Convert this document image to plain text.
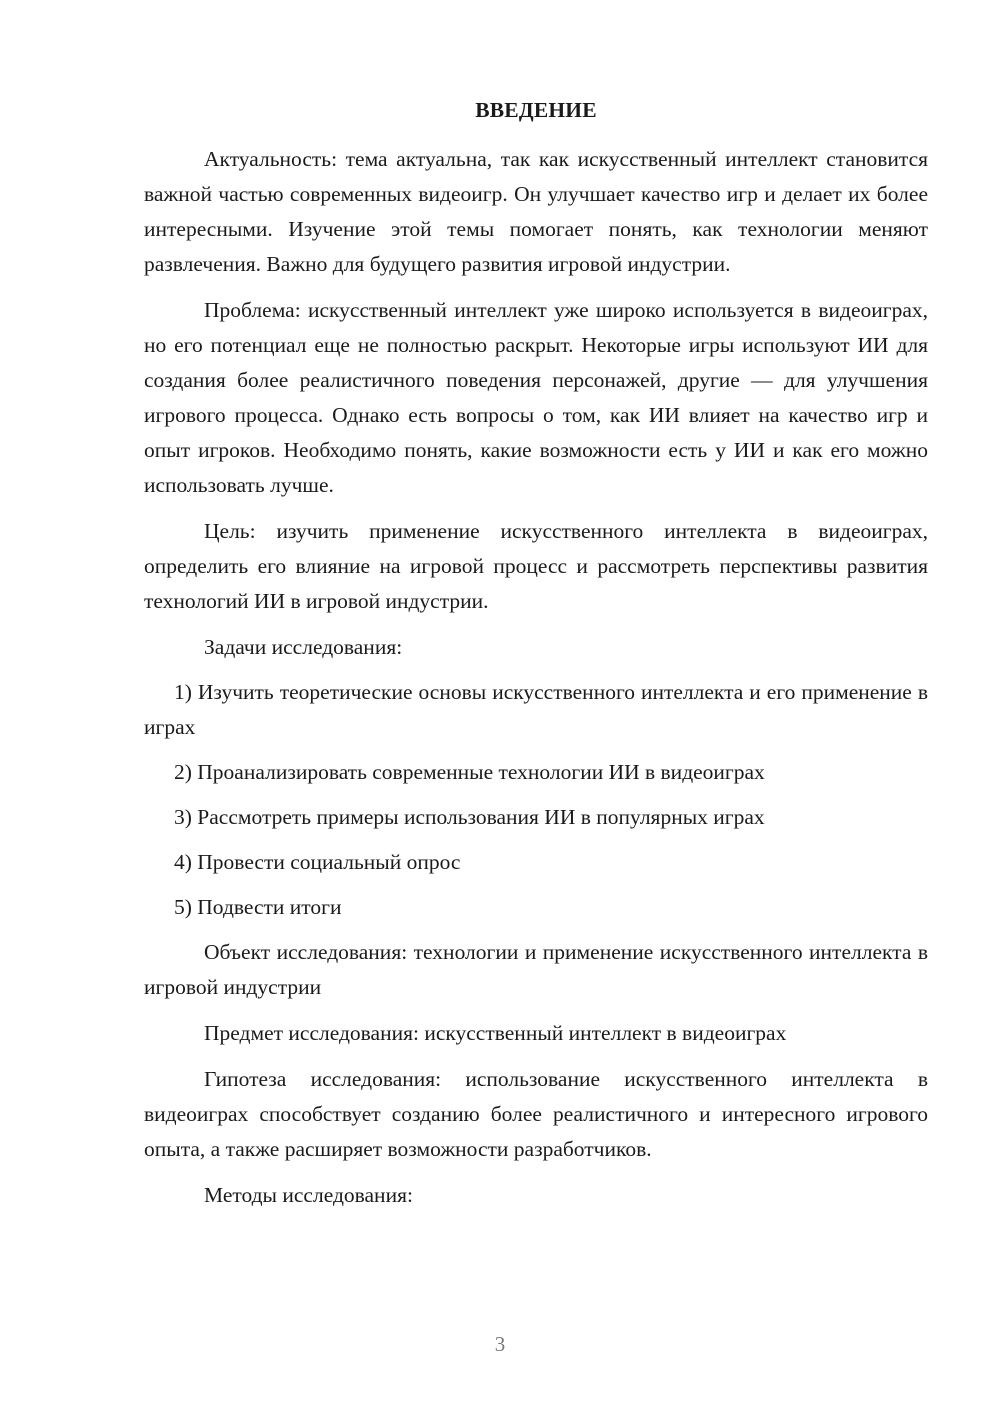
ВВЕДЕНИЕ

Актуальность: тема актуальна, так как искусственный интеллект становится важной частью современных видеоигр. Он улучшает качество игр и делает их более интересными. Изучение этой темы помогает понять, как технологии меняют развлечения. Важно для будущего развития игровой индустрии.

Проблема: искусственный интеллект уже широко используется в видеоиграх, но его потенциал еще не полностью раскрыт. Некоторые игры используют ИИ для создания более реалистичного поведения персонажей, другие — для улучшения игрового процесса. Однако есть вопросы о том, как ИИ влияет на качество игр и опыт игроков. Необходимо понять, какие возможности есть у ИИ и как его можно использовать лучше.

Цель: изучить применение искусственного интеллекта в видеоиграх, определить его влияние на игровой процесс и рассмотреть перспективы развития технологий ИИ в игровой индустрии.

Задачи исследования:

1) Изучить теоретические основы искусственного интеллекта и его применение в играх

2) Проанализировать современные технологии ИИ в видеоиграх

3) Рассмотреть примеры использования ИИ в популярных играх

4) Провести социальный опрос

5) Подвести итоги

Объект исследования: технологии и применение искусственного интеллекта в игровой индустрии

Предмет исследования: искусственный интеллект в видеоиграх

Гипотеза исследования: использование искусственного интеллекта в видеоиграх способствует созданию более реалистичного и интересного игрового опыта, а также расширяет возможности разработчиков.

Методы исследования:

3
